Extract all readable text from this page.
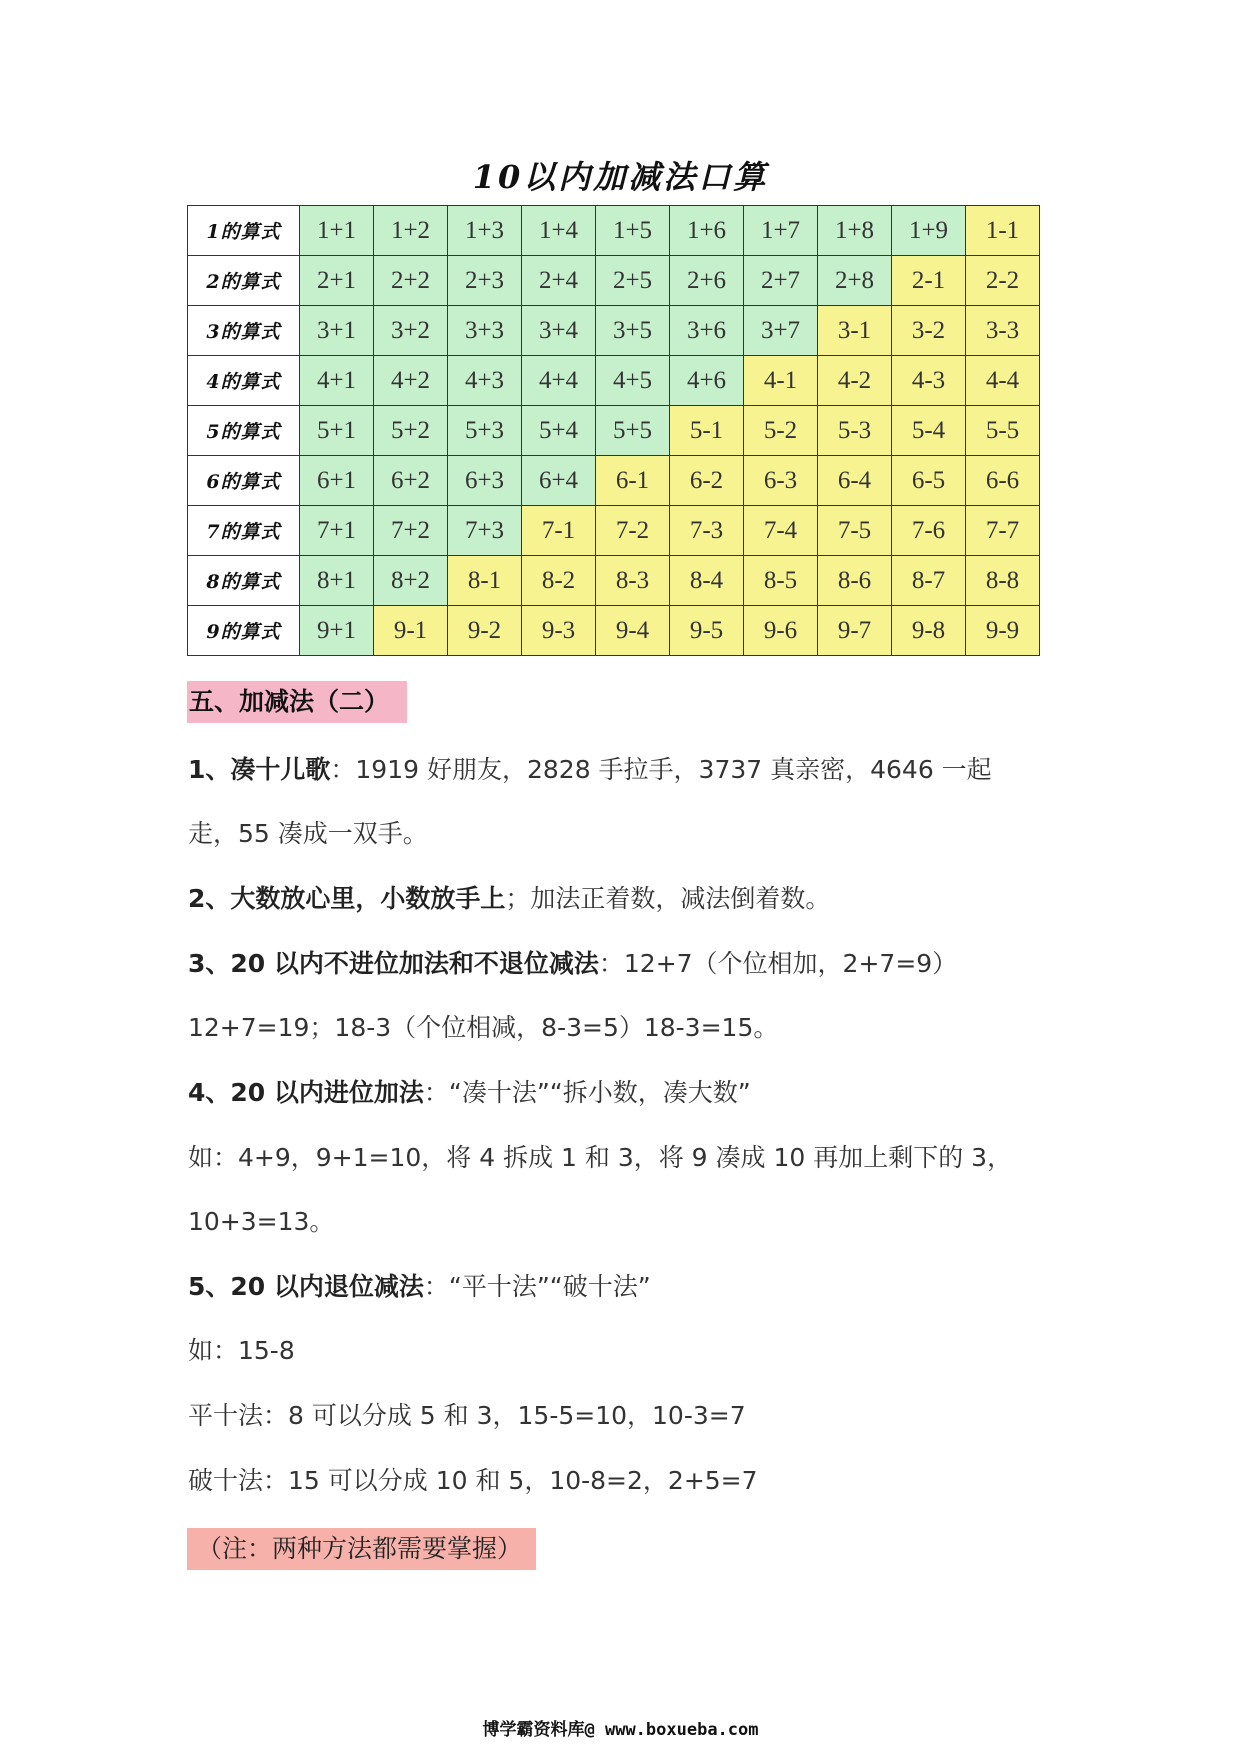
10以内加减法口算
1的算式	1+1	1+2	1+3	1+4	1+5	1+6	1+7	1+8	1+9	1-1
2的算式	2+1	2+2	2+3	2+4	2+5	2+6	2+7	2+8	2-1	2-2
3的算式	3+1	3+2	3+3	3+4	3+5	3+6	3+7	3-1	3-2	3-3
4的算式	4+1	4+2	4+3	4+4	4+5	4+6	4-1	4-2	4-3	4-4
5的算式	5+1	5+2	5+3	5+4	5+5	5-1	5-2	5-3	5-4	5-5
6的算式	6+1	6+2	6+3	6+4	6-1	6-2	6-3	6-4	6-5	6-6
7的算式	7+1	7+2	7+3	7-1	7-2	7-3	7-4	7-5	7-6	7-7
8的算式	8+1	8+2	8-1	8-2	8-3	8-4	8-5	8-6	8-7	8-8
9的算式	9+1	9-1	9-2	9-3	9-4	9-5	9-6	9-7	9-8	9-9
五、加减法（二）
1、凑十儿歌：1919 好朋友，2828 手拉手，3737 真亲密，4646 一起
走，55 凑成一双手。
2、大数放心里，小数放手上；加法正着数，减法倒着数。
3、20 以内不进位加法和不退位减法：12+7（个位相加，2+7=9）
12+7=19；18-3（个位相减，8-3=5）18-3=15。
4、20 以内进位加法：“凑十法”“拆小数，凑大数”
如：4+9，9+1=10，将 4 拆成 1 和 3，将 9 凑成 10 再加上剩下的 3，
10+3=13。
5、20 以内退位减法：“平十法”“破十法”
如：15-8
平十法：8 可以分成 5 和 3，15-5=10，10-3=7
破十法：15 可以分成 10 和 5，10-8=2，2+5=7
（注：两种方法都需要掌握）
博学霸资料库@ www.boxueba.com
